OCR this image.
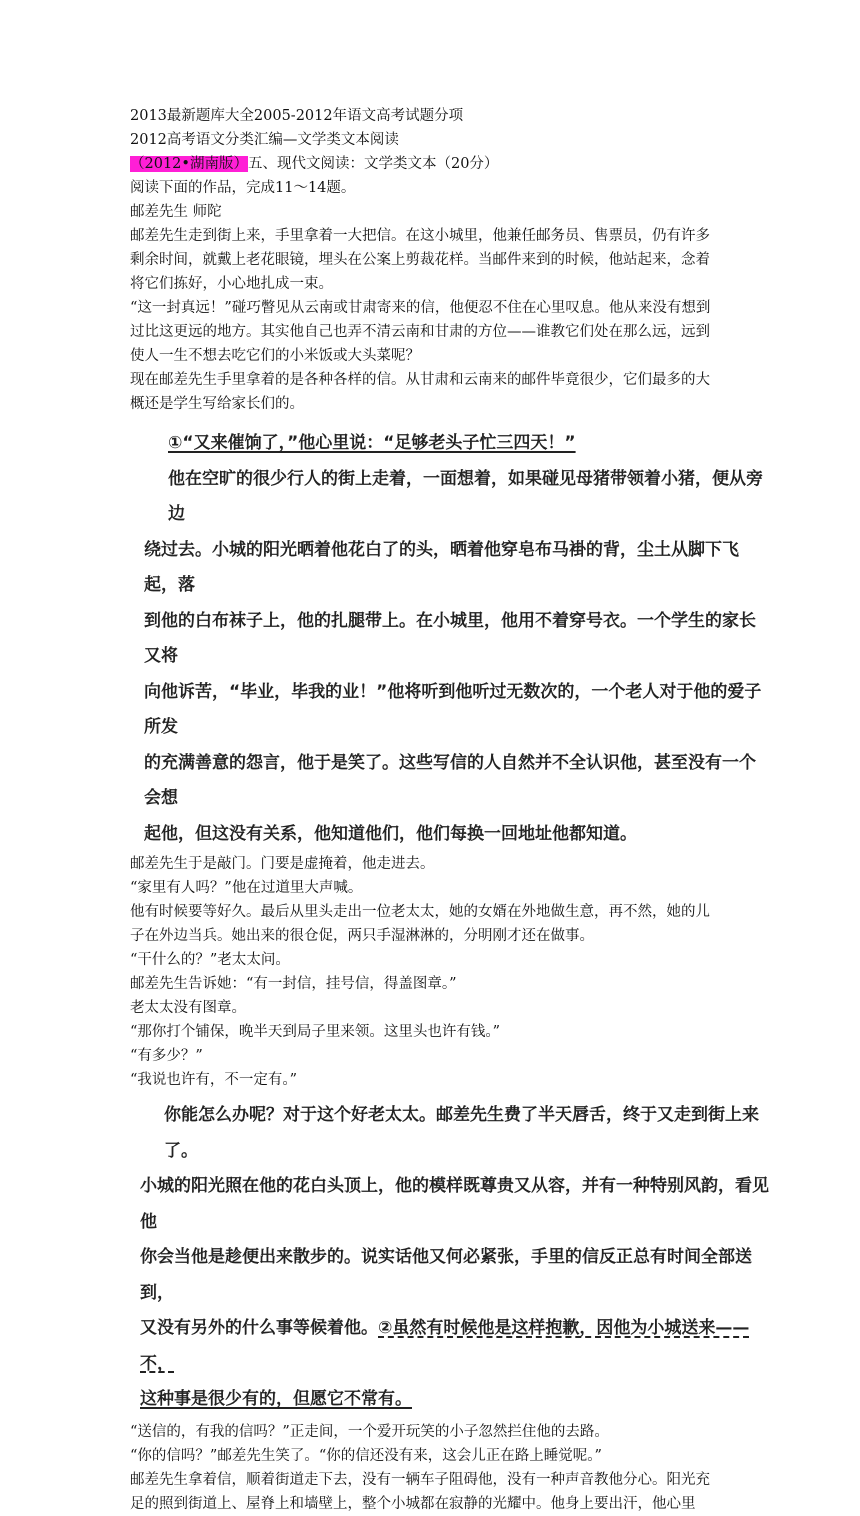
2013最新题库大全2005-2012年语文高考试题分项

2012高考语文分类汇编—文学类文本阅读

（2012•湖南版）五、现代文阅读：文学类文本（20分）

阅读下面的作品，完成11～14题。

邮差先生 师陀

邮差先生走到街上来，手里拿着一大把信。在这小城里，他兼任邮务员、售票员，仍有许多

剩余时间，就戴上老花眼镜，埋头在公案上剪裁花样。当邮件来到的时候，他站起来，念着

将它们拣好，小心地扎成一束。

“这一封真远！”碰巧瞥见从云南或甘肃寄来的信，他便忍不住在心里叹息。他从来没有想到

过比这更远的地方。其实他自己也弄不清云南和甘肃的方位——谁教它们处在那么远，远到

使人一生不想去吃它们的小米饭或大头菜呢？

现在邮差先生手里拿着的是各种各样的信。从甘肃和云南来的邮件毕竟很少，它们最多的大

概还是学生写给家长们的。

①“又来催饷了，”他心里说：“足够老头子忙三四天！”

他在空旷的很少行人的街上走着，一面想着，如果碰见母猪带领着小猪，便从旁边

绕过去。小城的阳光晒着他花白了的头，晒着他穿皂布马褂的背，尘土从脚下飞起，落

到他的白布袜子上，他的扎腿带上。在小城里，他用不着穿号衣。一个学生的家长又将

向他诉苦，“毕业，毕我的业！”他将听到他听过无数次的，一个老人对于他的爱子所发

的充满善意的怨言，他于是笑了。这些写信的人自然并不全认识他，甚至没有一个会想

起他，但这没有关系，他知道他们，他们每换一回地址他都知道。

邮差先生于是敲门。门要是虚掩着，他走进去。

“家里有人吗？”他在过道里大声喊。

他有时候要等好久。最后从里头走出一位老太太，她的女婿在外地做生意，再不然，她的儿

子在外边当兵。她出来的很仓促，两只手湿淋淋的，分明刚才还在做事。

“干什么的？”老太太问。

邮差先生告诉她：“有一封信，挂号信，得盖图章。”

老太太没有图章。

“那你打个铺保，晚半天到局子里来领。这里头也许有钱。”

“有多少？”

“我说也许有，不一定有。”

你能怎么办呢？对于这个好老太太。邮差先生费了半天唇舌，终于又走到街上来了。

小城的阳光照在他的花白头顶上，他的模样既尊贵又从容，并有一种特别风韵，看见他

你会当他是趁便出来散步的。说实话他又何必紧张，手里的信反正总有时间全部送到，

又没有另外的什么事等候着他。②虽然有时候他是这样抱歉，因他为小城送来——不，

这种事是很少有的，但愿它不常有。

“送信的，有我的信吗？”正走间，一个爱开玩笑的小子忽然拦住他的去路。

“你的信吗？”邮差先生笑了。“你的信还没有来，这会儿正在路上睡觉呢。”

邮差先生拿着信，顺着街道走下去，没有一辆车子阻碍他，没有一种声音教他分心。阳光充

足的照到街道上、屋脊上和墙壁上，整个小城都在寂静的光耀中。他身上要出汗，他心里
